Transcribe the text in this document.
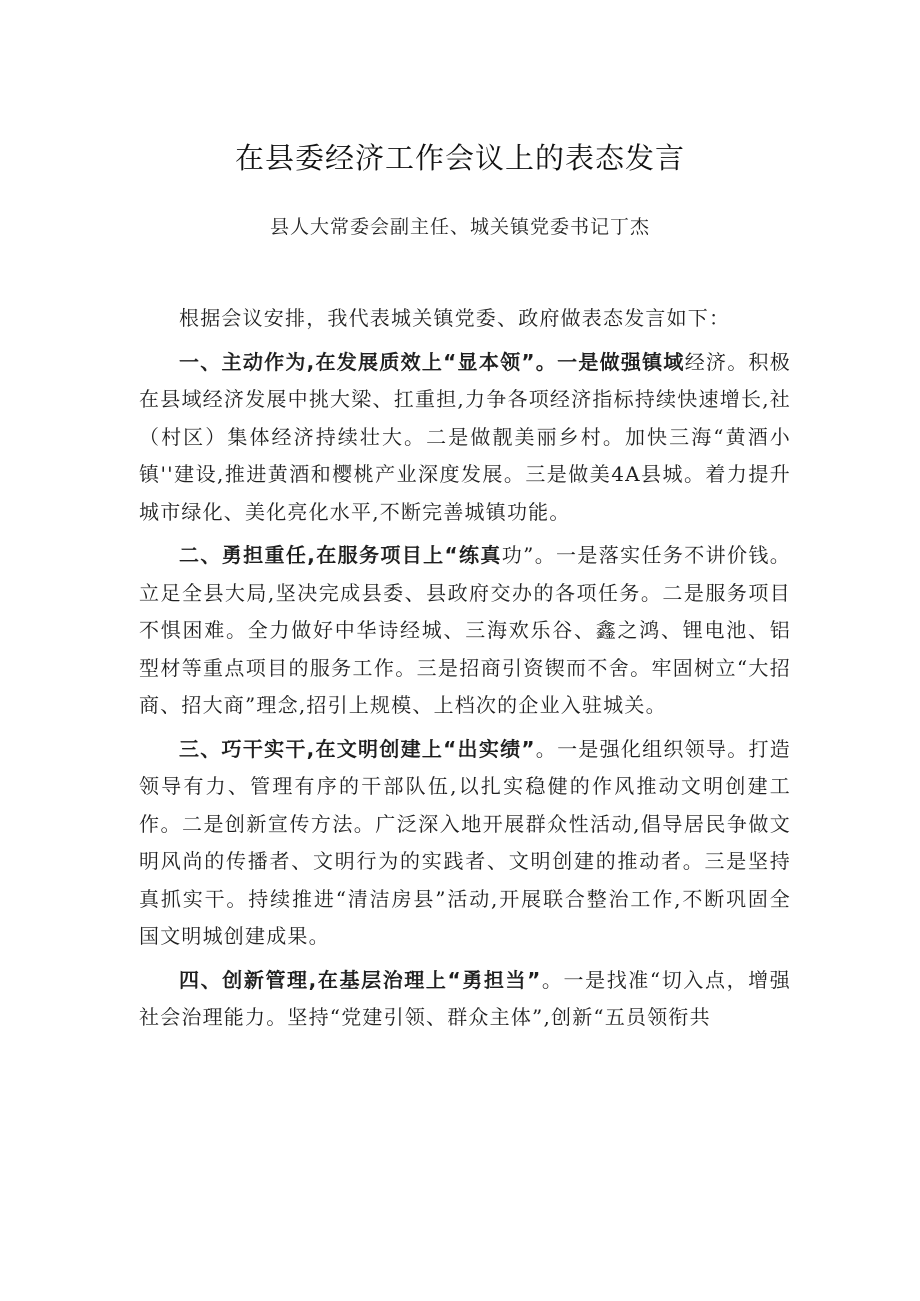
在县委经济工作会议上的表态发言
县人大常委会副主任、城关镇党委书记丁杰

根据会议安排，我代表城关镇党委、政府做表态发言如下：

一、主动作为,在发展质效上“显本领”。一是做强镇域经济。积极在县域经济发展中挑大梁、扛重担,力争各项经济指标持续快速增长,社（村区）集体经济持续壮大。二是做靓美丽乡村。加快三海“黄酒小镇''建设,推进黄酒和樱桃产业深度发展。三是做美4A县城。着力提升城市绿化、美化亮化水平,不断完善城镇功能。

二、勇担重任,在服务项目上“练真功”。一是落实任务不讲价钱。立足全县大局,坚决完成县委、县政府交办的各项任务。二是服务项目不惧困难。全力做好中华诗经城、三海欢乐谷、鑫之鸿、锂电池、铝型材等重点项目的服务工作。三是招商引资锲而不舍。牢固树立“大招商、招大商”理念,招引上规模、上档次的企业入驻城关。

三、巧干实干,在文明创建上“出实绩”。一是强化组织领导。打造领导有力、管理有序的干部队伍,以扎实稳健的作风推动文明创建工作。二是创新宣传方法。广泛深入地开展群众性活动,倡导居民争做文明风尚的传播者、文明行为的实践者、文明创建的推动者。三是坚持真抓实干。持续推进“清洁房县”活动,开展联合整治工作,不断巩固全国文明城创建成果。

四、创新管理,在基层治理上“勇担当”。一是找准“切入点，增强社会治理能力。坚持“党建引领、群众主体”,创新“五员领衔共
